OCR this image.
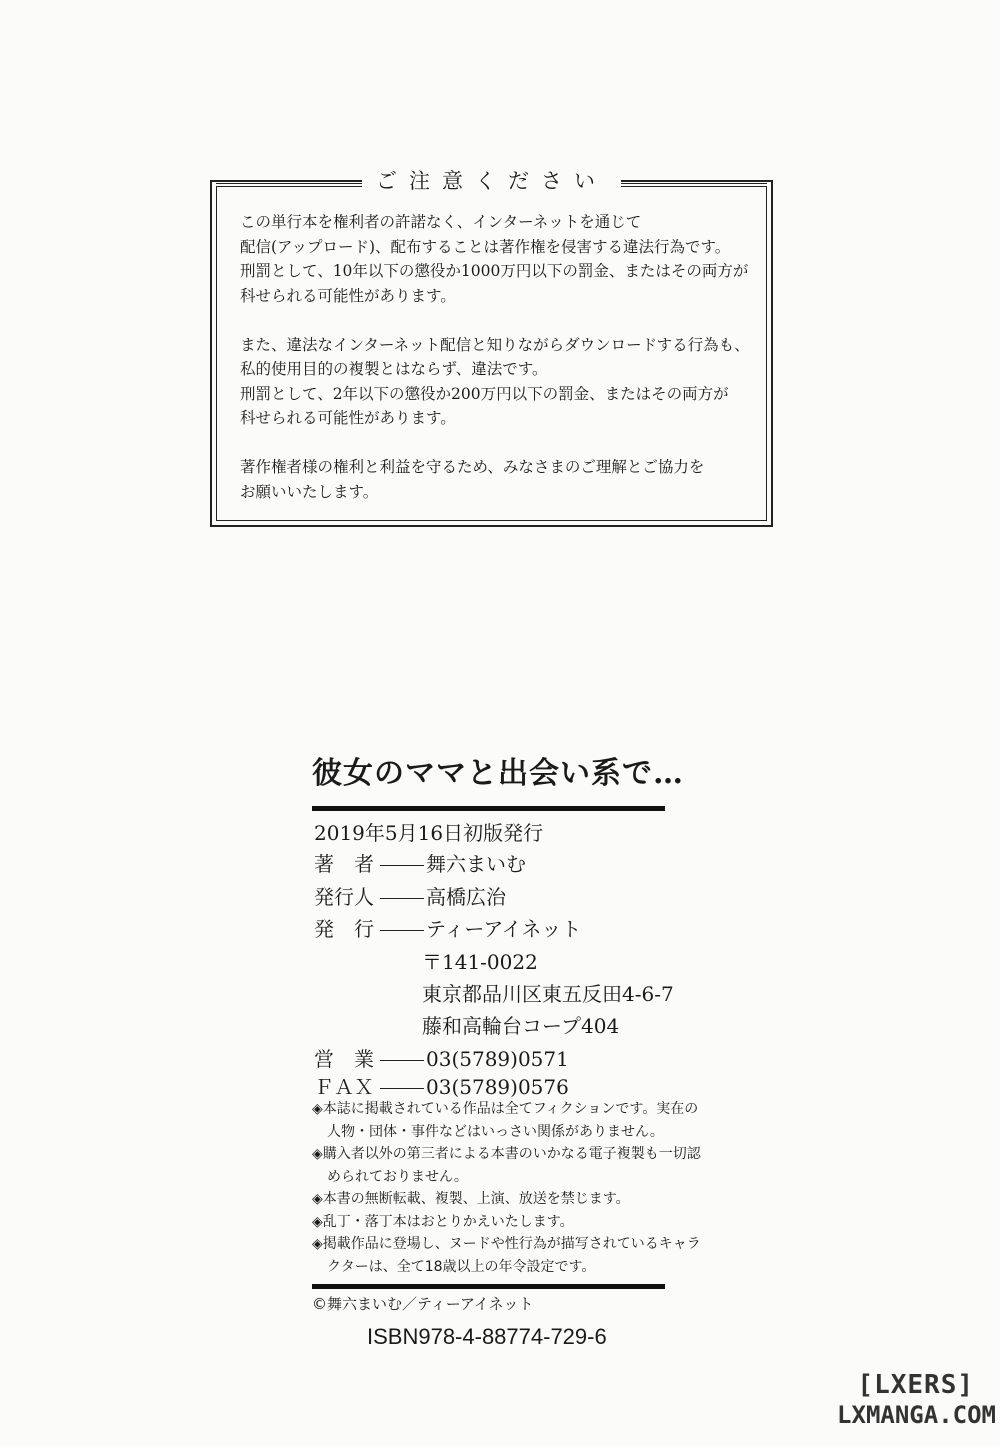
ご注意ください

この単行本を権利者の許諾なく、インターネットを通じて
配信(アップロード)、配布することは著作権を侵害する違法行為です。
刑罰として、10年以下の懲役か1000万円以下の罰金、またはその両方が
科せられる可能性があります。

また、違法なインターネット配信と知りながらダウンロードする行為も、
私的使用目的の複製とはならず、違法です。
刑罰として、2年以下の懲役か200万円以下の罰金、またはその両方が
科せられる可能性があります。

著作権者様の権利と利益を守るため、みなさまのご理解とご協力を
お願いいたします。

彼女のママと出会い系で…
2019年5月16日初版発行
著　者	舞六まいむ
発行人	高橋広治
発　行	ティーアイネット
〒141-0022
東京都品川区東五反田4-6-7
藤和高輪台コープ404
営　業	03(5789)0571
ＦＡＸ	03(5789)0576
◈本誌に掲載されている作品は全てフィクションです。実在の人物・団体・事件などはいっさい関係がありません。
◈購入者以外の第三者による本書のいかなる電子複製も一切認められておりません。
◈本書の無断転載、複製、上演、放送を禁じます。
◈乱丁・落丁本はおとりかえいたします。
◈掲載作品に登場し、ヌードや性行為が描写されているキャラクターは、全て18歳以上の年令設定です。
©舞六まいむ／ティーアイネット
ISBN978-4-88774-729-6
[LXERS]
LXMANGA.COM
